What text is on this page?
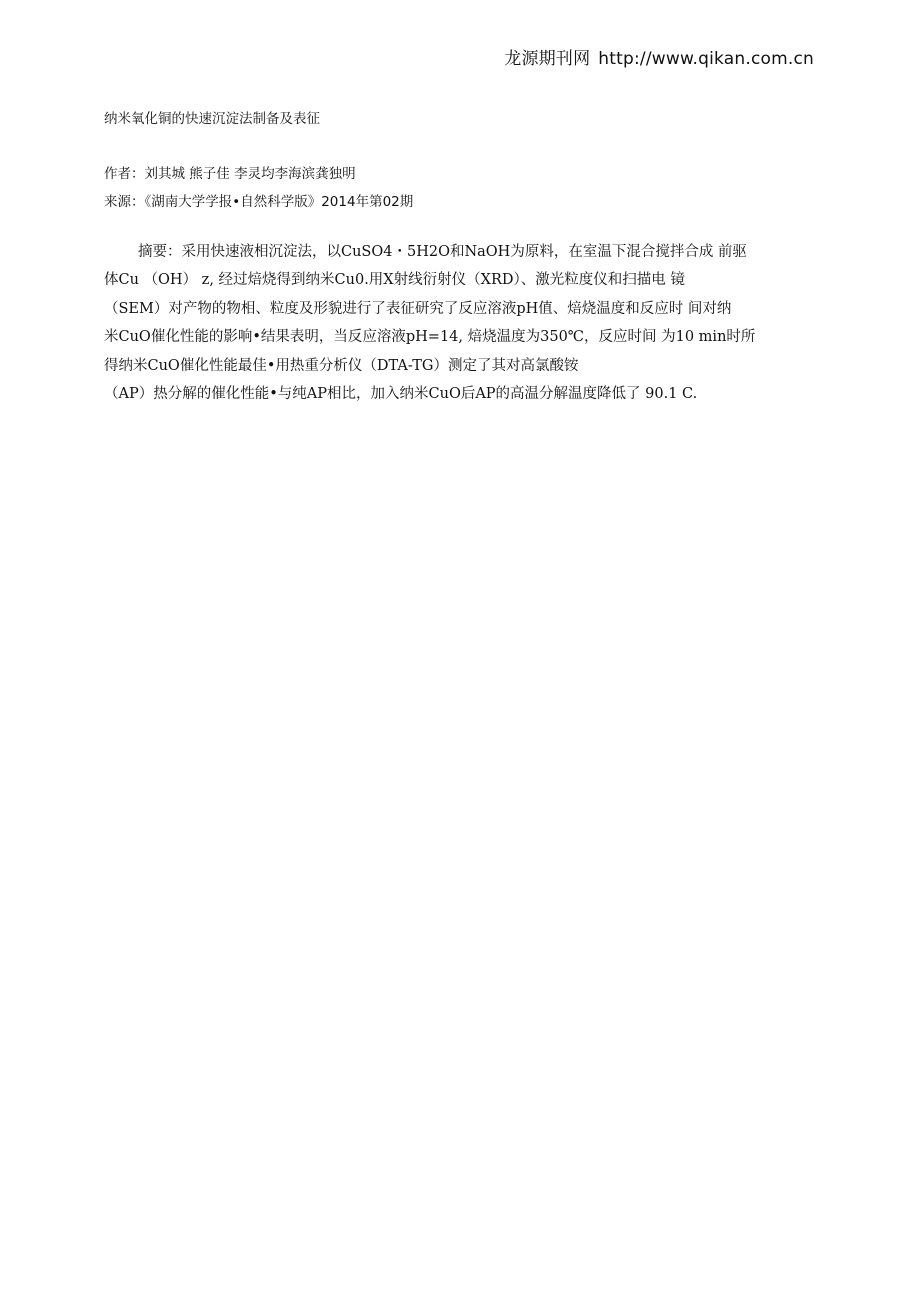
龙源期刊网 http://www.qikan.com.cn
纳米氧化铜的快速沉淀法制备及表征
作者：刘其城 熊子佳 李灵均李海滨龚独明
来源：《湖南大学学报•自然科学版》2014年第02期
摘要：采用快速液相沉淀法，以CuSO4・5H2O和NaOH为原料，在室温下混合搅拌合成 前驱
体Cu （OH） z, 经过焙烧得到纳米Cu0.用X射线衍射仪（XRD）、激光粒度仪和扫描电 镜
（SEM）对产物的物相、粒度及形貌进行了表征研究了反应溶液pH值、焙烧温度和反应时 间对纳
米CuO催化性能的影响•结果表明，当反应溶液pH=14, 焙烧温度为350℃，反应时间 为10 min时所
得纳米CuO催化性能最佳•用热重分析仪（DTA-TG）测定了其对高氯酸铵
（AP）热分解的催化性能•与纯AP相比，加入纳米CuO后AP的高温分解温度降低了 90.1 C.
